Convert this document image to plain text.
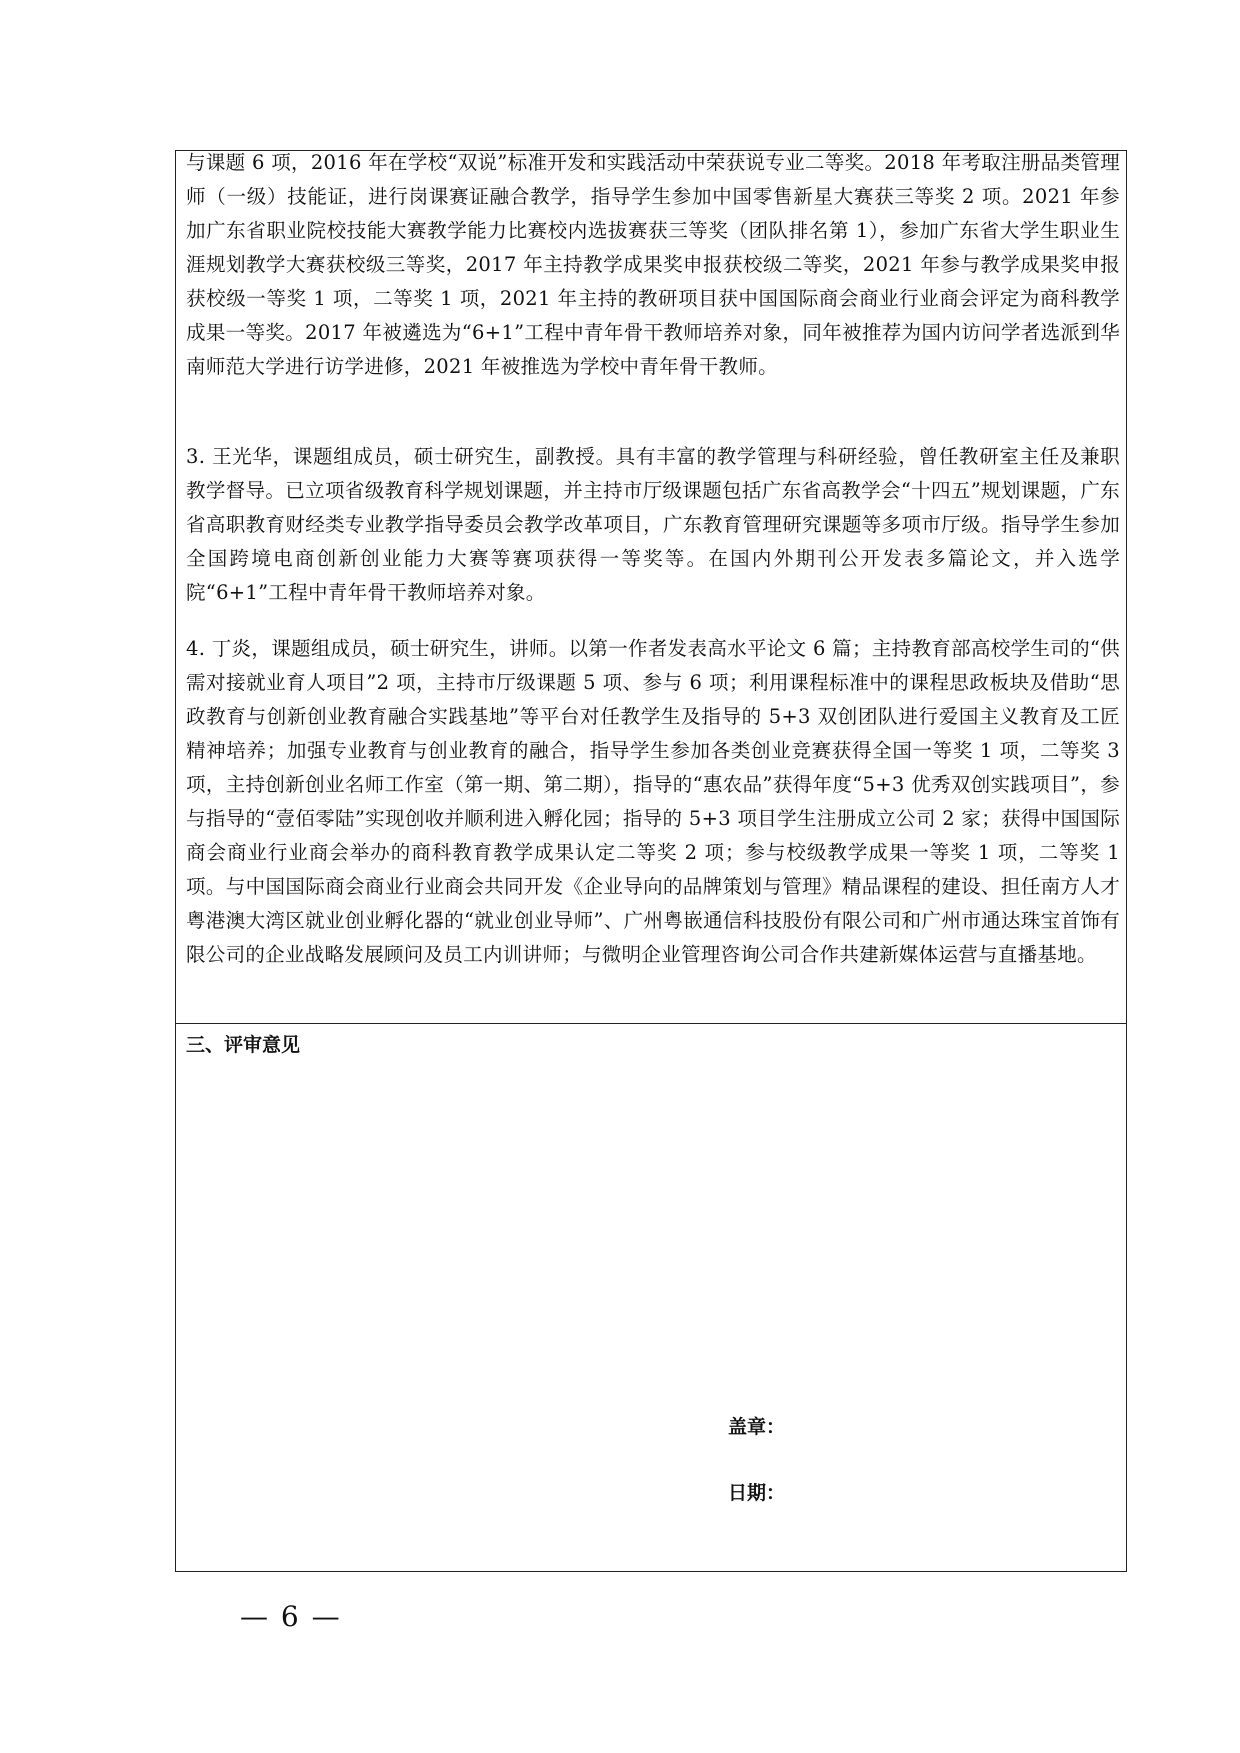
与课题 6 项，2016 年在学校“双说”标准开发和实践活动中荣获说专业二等奖。2018 年考取注册品类管理师（一级）技能证，进行岗课赛证融合教学，指导学生参加中国零售新星大赛获三等奖 2 项。2021 年参加广东省职业院校技能大赛教学能力比赛校内选拔赛获三等奖（团队排名第 1），参加广东省大学生职业生涯规划教学大赛获校级三等奖，2017 年主持教学成果奖申报获校级二等奖，2021 年参与教学成果奖申报获校级一等奖 1 项，二等奖 1 项，2021 年主持的教研项目获中国国际商会商业行业商会评定为商科教学成果一等奖。2017 年被遴选为“6+1”工程中青年骨干教师培养对象，同年被推荐为国内访问学者选派到华南师范大学进行访学进修，2021 年被推选为学校中青年骨干教师。

3. 王光华，课题组成员，硕士研究生，副教授。具有丰富的教学管理与科研经验，曾任教研室主任及兼职教学督导。已立项省级教育科学规划课题，并主持市厅级课题包括广东省高教学会“十四五”规划课题，广东省高职教育财经类专业教学指导委员会教学改革项目，广东教育管理研究课题等多项市厅级。指导学生参加全国跨境电商创新创业能力大赛等赛项获得一等奖等。在国内外期刊公开发表多篇论文，并入选学院“6+1”工程中青年骨干教师培养对象。

4. 丁炎，课题组成员，硕士研究生，讲师。以第一作者发表高水平论文 6 篇；主持教育部高校学生司的“供需对接就业育人项目”2 项，主持市厅级课题 5 项、参与 6 项；利用课程标准中的课程思政板块及借助“思政教育与创新创业教育融合实践基地”等平台对任教学生及指导的 5+3 双创团队进行爱国主义教育及工匠精神培养；加强专业教育与创业教育的融合，指导学生参加各类创业竞赛获得全国一等奖 1 项，二等奖 3 项，主持创新创业名师工作室（第一期、第二期），指导的“惠农品”获得年度“5+3 优秀双创实践项目”，参与指导的“壹佰零陆”实现创收并顺利进入孵化园；指导的 5+3 项目学生注册成立公司 2 家；获得中国国际商会商业行业商会举办的商科教育教学成果认定二等奖 2 项；参与校级教学成果一等奖 1 项，二等奖 1 项。与中国国际商会商业行业商会共同开发《企业导向的品牌策划与管理》精品课程的建设、担任南方人才粤港澳大湾区就业创业孵化器的“就业创业导师”、广州粤嵌通信科技股份有限公司和广州市通达珠宝首饰有限公司的企业战略发展顾问及员工内训讲师；与微明企业管理咨询公司合作共建新媒体运营与直播基地。

三、评审意见
盖章：
日期：
— 6 —
